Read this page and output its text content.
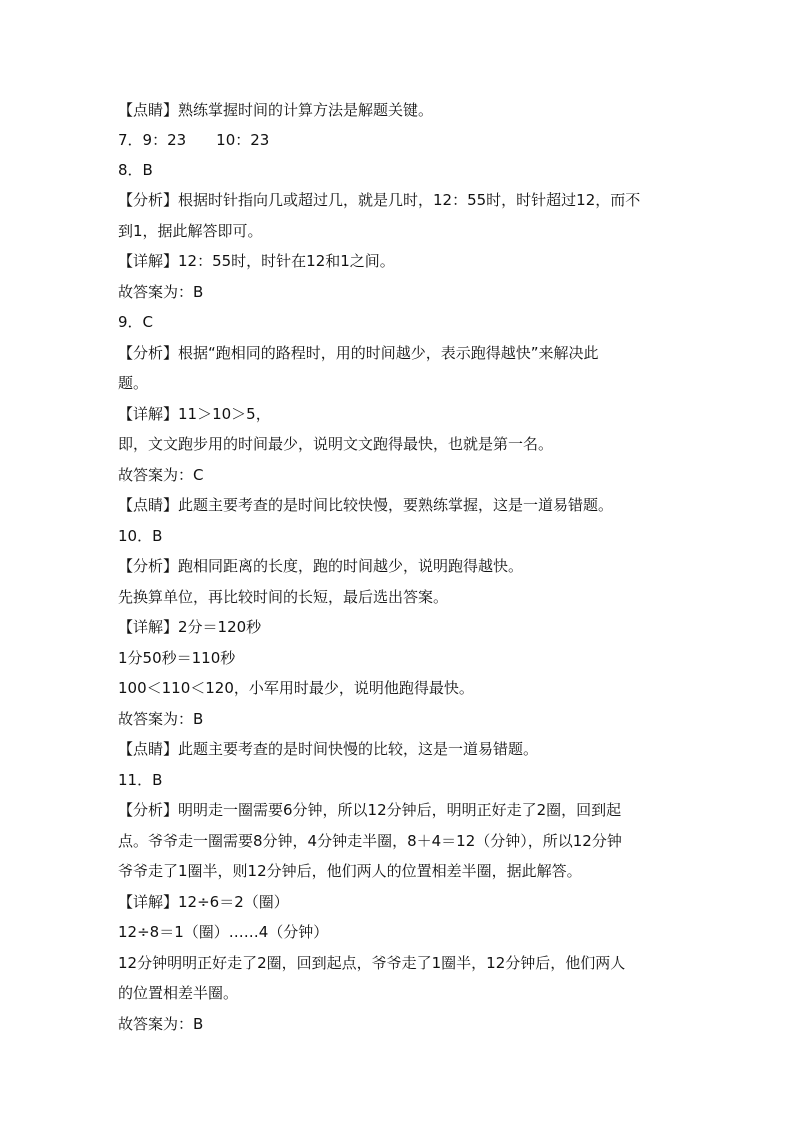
【点睛】熟练掌握时间的计算方法是解题关键。
7．9：23　　10：23
8．B
【分析】根据时针指向几或超过几，就是几时，12：55时，时针超过12，而不
到1，据此解答即可。
【详解】12：55时，时针在12和1之间。
故答案为：B
9．C
【分析】根据“跑相同的路程时，用的时间越少，表示跑得越快”来解决此
题。
【详解】11＞10＞5，
即，文文跑步用的时间最少，说明文文跑得最快，也就是第一名。
故答案为：C
【点睛】此题主要考查的是时间比较快慢，要熟练掌握，这是一道易错题。
10．B
【分析】跑相同距离的长度，跑的时间越少，说明跑得越快。
先换算单位，再比较时间的长短，最后选出答案。
【详解】2分＝120秒
1分50秒＝110秒
100＜110＜120，小军用时最少，说明他跑得最快。
故答案为：B
【点睛】此题主要考查的是时间快慢的比较，这是一道易错题。
11．B
【分析】明明走一圈需要6分钟，所以12分钟后，明明正好走了2圈，回到起
点。爷爷走一圈需要8分钟，4分钟走半圈，8＋4＝12（分钟），所以12分钟
爷爷走了1圈半，则12分钟后，他们两人的位置相差半圈，据此解答。
【详解】12÷6＝2（圈）
12÷8＝1（圈）……4（分钟）
12分钟明明正好走了2圈，回到起点，爷爷走了1圈半，12分钟后，他们两人
的位置相差半圈。
故答案为：B
